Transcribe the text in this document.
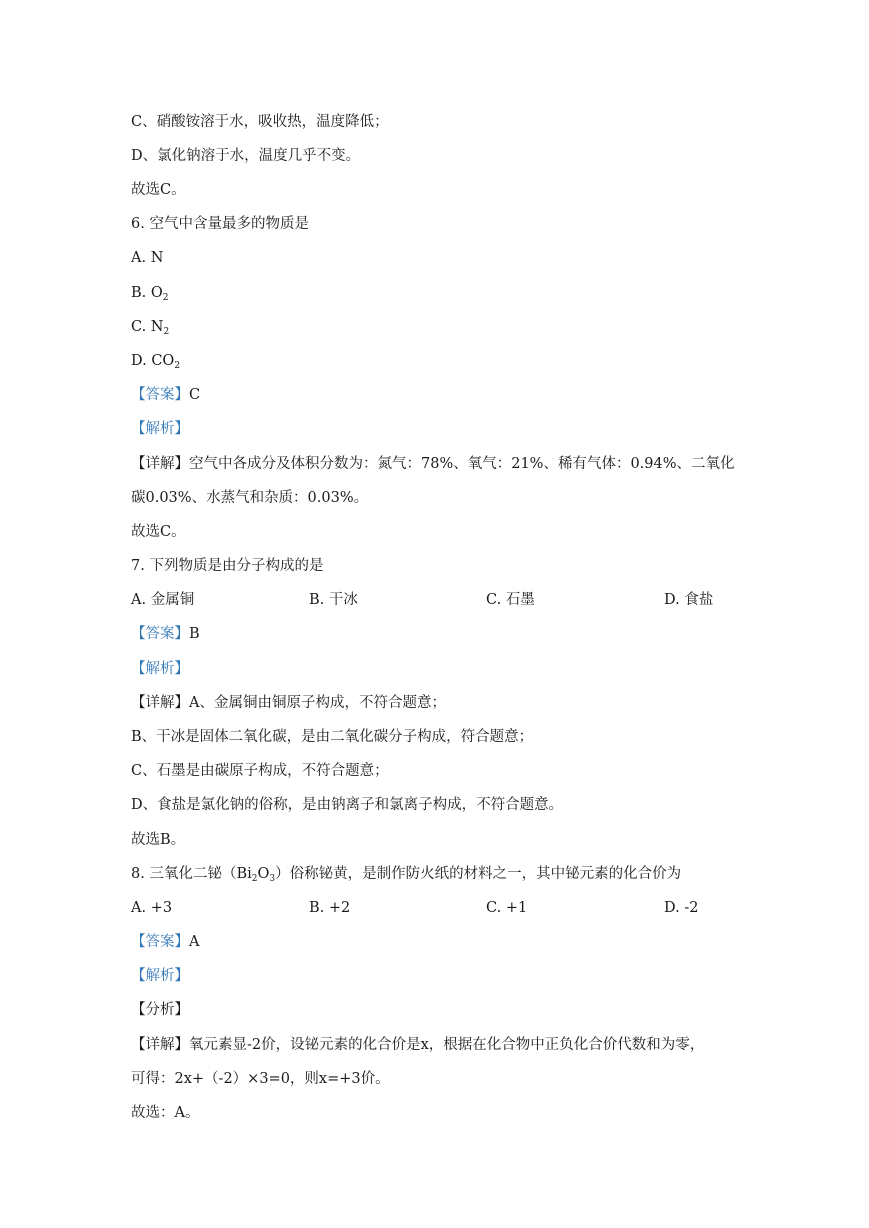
C、硝酸铵溶于水，吸收热，温度降低；
D、氯化钠溶于水，温度几乎不变。
故选C。
6. 空气中含量最多的物质是
A. N
B. $O_2$
C. $N_2$
D. $CO_2$
【答案】C
【解析】
【详解】空气中各成分及体积分数为：氮气：78%、氧气：21%、稀有气体：0.94%、二氧化
碳0.03%、水蒸气和杂质：0.03%。
故选C。
7. 下列物质是由分子构成的是
A. 金属铜	B. 干冰	C. 石墨	D. 食盐
【答案】B
【解析】
【详解】A、金属铜由铜原子构成，不符合题意；
B、干冰是固体二氧化碳，是由二氧化碳分子构成，符合题意；
C、石墨是由碳原子构成，不符合题意；
D、食盐是氯化钠的俗称，是由钠离子和氯离子构成，不符合题意。
故选B。
8. 三氧化二铋$(Bi_2O_3)$俗称铋黄，是制作防火纸的材料之一，其中铋元素的化合价为
A. +3	B. +2	C. +1	D. -2
【答案】A
【解析】
【分析】
【详解】氧元素显-2价，设铋元素的化合价是x，根据在化合物中正负化合价代数和为零，
可得：2x+（-2）×3=0，则x=+3价。
故选：A。
